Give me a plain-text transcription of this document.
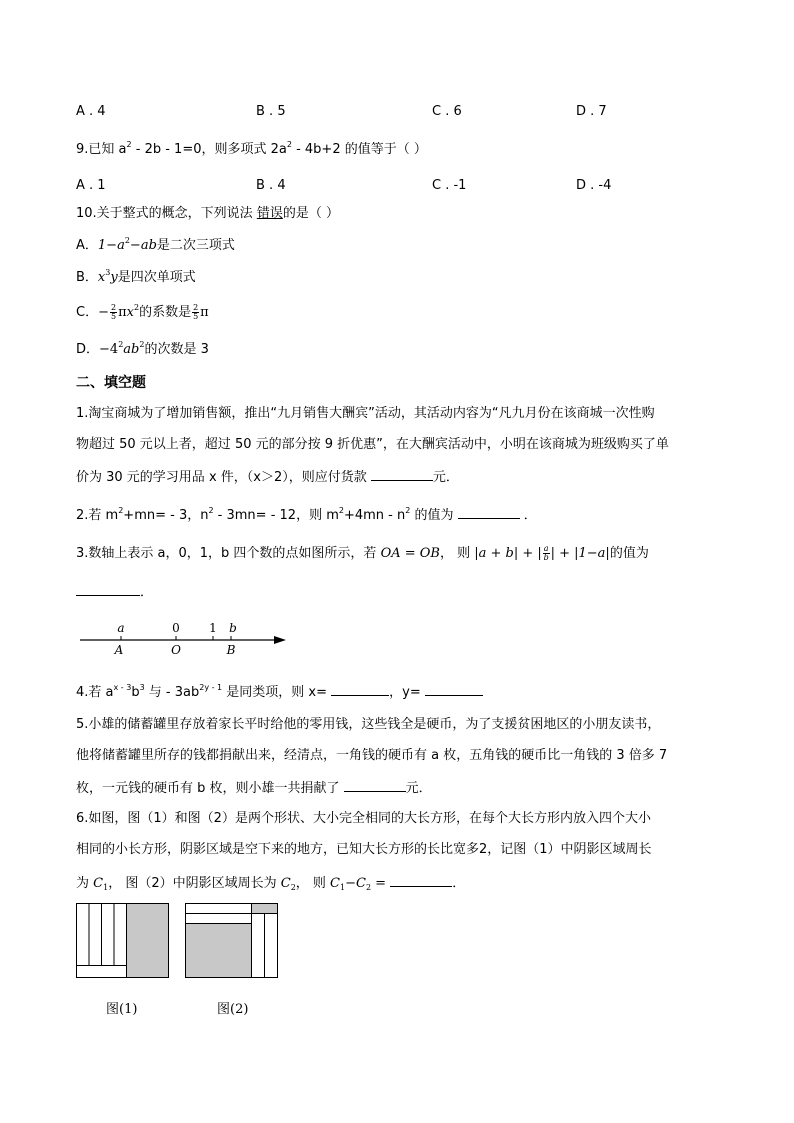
A . 4	B . 5	C . 6	D . 7
9.已知 $a^2 - 2b - 1=0$，则多项式 $2a^2 - 4b+2$ 的值等于（ ）
A . 1	B . 4	C . -1	D . -4
10.关于整式的概念，下列说法 错误的是（ ）
A．$1-a^2-ab$是二次三项式
B．$x^3y$是四次单项式
C．− $\frac{2}{5} \pi x^2$的系数是 $\frac{2}{5}$ π
D．$-4^2ab^2$的次数是 3
二、填空题
1.淘宝商城为了增加销售额，推出“九月销售大酬宾”活动，其活动内容为“凡九月份在该商城一次性购
物超过 50 元以上者，超过 50 元的部分按 9 折优惠”，在大酬宾活动中，小明在该商城为班级购买了单
价为 30 元的学习用品 x 件，（x＞2），则应付货款	元．
2.若 $m^2+mn= - 3$，$n^2 - 3mn= - 12$，则 $m^2+4mn - n^2$ 的值为	．
3.数轴上表示 a，0，1，b 四个数的点如图所示，若 OA = OB， 则 |a + b| + | $\frac{a}{b}$ | + |1−a|的值为
．
a	0 1 b
A	O	B
4.若 $a^{x - 3}b^3$ 与 - $3ab^{2y - 1}$ 是同类项，则 x=	，y=
5.小雄的储蓄罐里存放着家长平时给他的零用钱，这些钱全是硬币，为了支援贫困地区的小朋友读书，
他将储蓄罐里所存的钱都捐献出来，经清点，一角钱的硬币有 a 枚，五角钱的硬币比一角钱的 3 倍多 7
枚，一元钱的硬币有 b 枚，则小雄一共捐献了	元．
6.如图，图（1）和图（2）是两个形状、大小完全相同的大长方形，在每个大长方形内放入四个大小
相同的小长方形，阴影区域是空下来的地方，已知大长方形的长比宽多2，记图（1）中阴影区域周长
为 $C_1$， 图（2）中阴影区域周长为 $C_2$， 则 $C_1-C_2$ =	．
图(1)	图(2)
